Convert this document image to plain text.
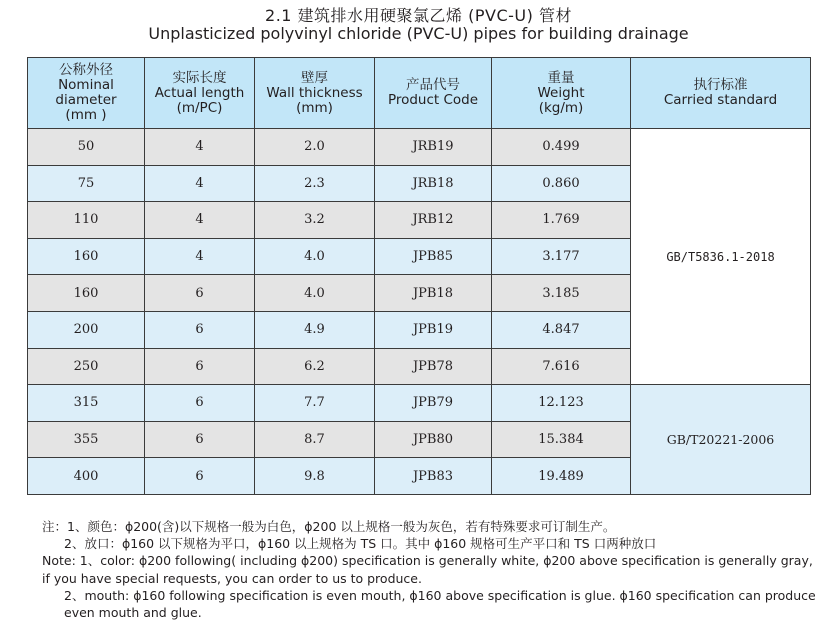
2.1 建筑排水用硬聚氯乙烯 (PVC-U) 管材
Unplasticized polyvinyl chloride (PVC-U) pipes for building drainage
公称外径
Nominal diameter
(mm )	实际长度
Actual length
(m/PC)	壁厚
Wall thickness
(mm)	产品代号
Product Code	重量
Weight
(kg/m)	执行标准
Carried standard

50	4	2.0	JRB19	0.499	GB/T5836.1-2018
75	4	2.3	JRB18	0.860	
110	4	3.2	JRB12	1.769	
160	4	4.0	JPB85	3.177	
160	6	4.0	JPB18	3.185	
200	6	4.9	JPB19	4.847	
250	6	6.2	JPB78	7.616	
315	6	7.7	JPB79	12.123	GB/T20221-2006
355	6	8.7	JPB80	15.384	
400	6	9.8	JPB83	19.489	

注：1、颜色：ϕ200(含)以下规格一般为白色，ϕ200 以上规格一般为灰色，若有特殊要求可订制生产。

2、放口：ϕ160 以下规格为平口，ϕ160 以上规格为 TS 口。其中 ϕ160 规格可生产平口和 TS 口两种放口

Note: 1、color: ϕ200 following( including ϕ200) specification is generally white, ϕ200 above specification is generally gray, if you have special requests, you can order to us to produce.

2、mouth: ϕ160 following specification is even mouth, ϕ160 above specification is glue. ϕ160 specification can produce even mouth and glue.
